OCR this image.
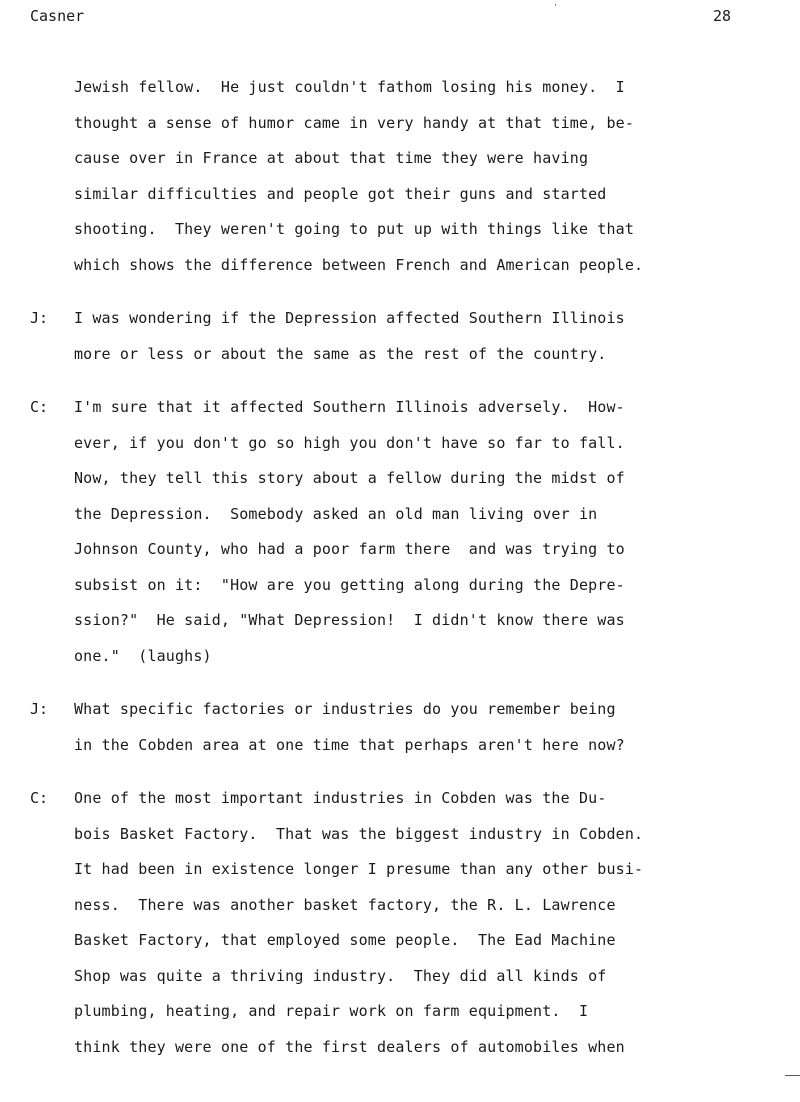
Casner	28
Jewish fellow.  He just couldn't fathom losing his money.  I
thought a sense of humor came in very handy at that time, be-
cause over in France at about that time they were having
similar difficulties and people got their guns and started
shooting.  They weren't going to put up with things like that
which shows the difference between French and American people.
J: I was wondering if the Depression affected Southern Illinois
more or less or about the same as the rest of the country.
C: I'm sure that it affected Southern Illinois adversely.  How-
ever, if you don't go so high you don't have so far to fall.
Now, they tell this story about a fellow during the midst of
the Depression.  Somebody asked an old man living over in
Johnson County, who had a poor farm there  and was trying to
subsist on it:  "How are you getting along during the Depre-
ssion?"  He said, "What Depression!  I didn't know there was
one."  (laughs)
J: What specific factories or industries do you remember being
in the Cobden area at one time that perhaps aren't here now?
C: One of the most important industries in Cobden was the Du-
bois Basket Factory.  That was the biggest industry in Cobden.
It had been in existence longer I presume than any other busi-
ness.  There was another basket factory, the R. L. Lawrence
Basket Factory, that employed some people.  The Ead Machine
Shop was quite a thriving industry.  They did all kinds of
plumbing, heating, and repair work on farm equipment.  I
think they were one of the first dealers of automobiles when
